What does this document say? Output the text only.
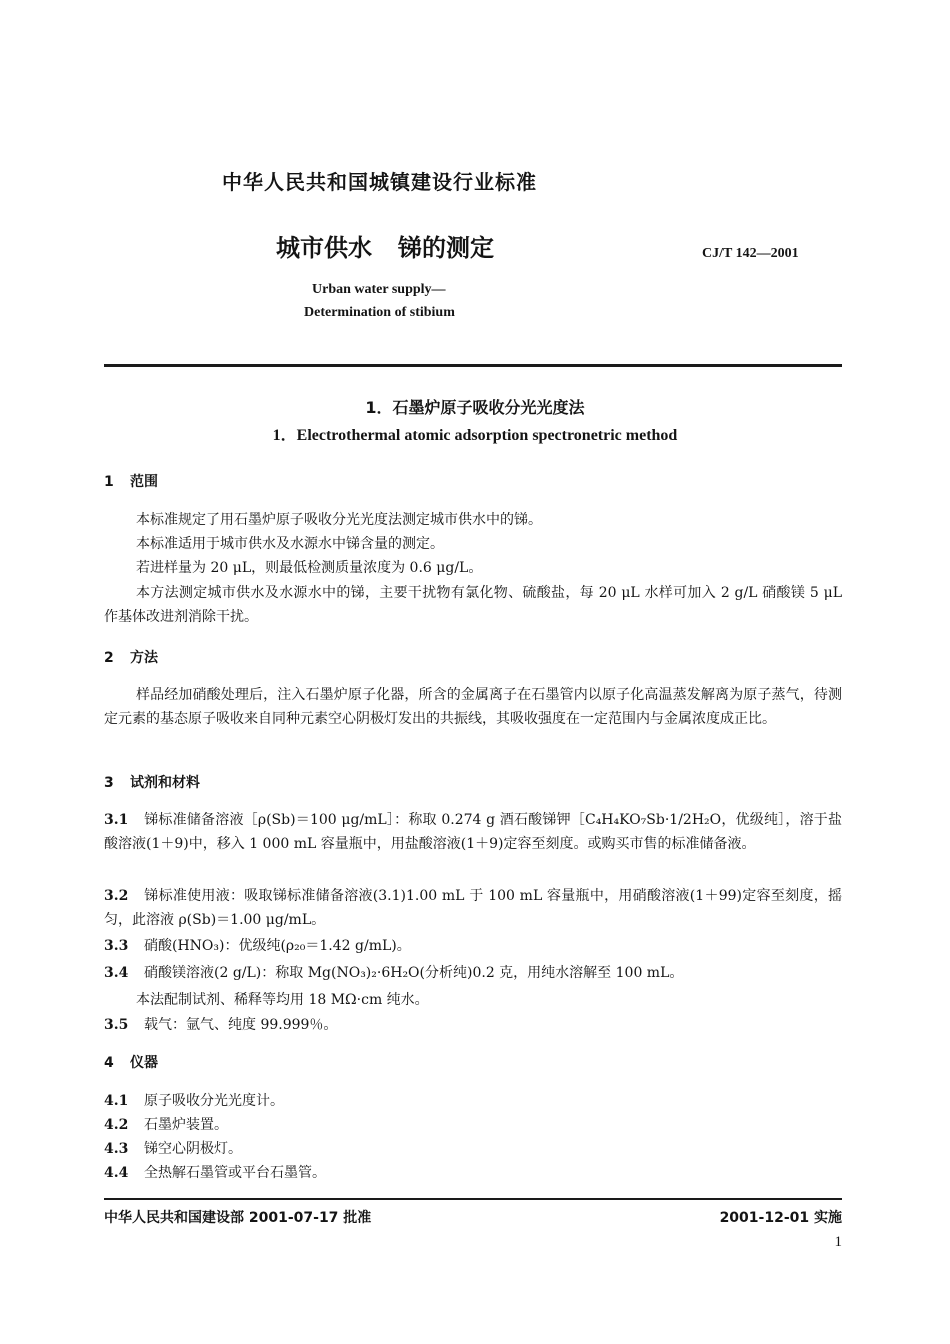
中华人民共和国城镇建设行业标准
城市供水 锑的测定	CJ/T 142—2001
Urban water supply—
Determination of stibium
1．石墨炉原子吸收分光光度法
1．Electrothermal atomic adsorption spectronetric method
1 范围
本标准规定了用石墨炉原子吸收分光光度法测定城市供水中的锑。
本标准适用于城市供水及水源水中锑含量的测定。
若进样量为 20 μL，则最低检测质量浓度为 0.6 μg/L。
本方法测定城市供水及水源水中的锑，主要干扰物有氯化物、硫酸盐，每 20 μL 水样可加入 2 g/L 硝酸镁 5 μL 作基体改进剂消除干扰。
2 方法
样品经加硝酸处理后，注入石墨炉原子化器，所含的金属离子在石墨管内以原子化高温蒸发解离为原子蒸气，待测定元素的基态原子吸收来自同种元素空心阴极灯发出的共振线，其吸收强度在一定范围内与金属浓度成正比。
3 试剂和材料
3.1 锑标准储备溶液［ρ(Sb)＝100 μg/mL］：称取 0.274 g 酒石酸锑钾［C₄H₄KO₇Sb·1/2H₂O，优级纯］，溶于盐酸溶液(1＋9)中，移入 1 000 mL 容量瓶中，用盐酸溶液(1＋9)定容至刻度。或购买市售的标准储备液。
3.2 锑标准使用液：吸取锑标准储备溶液(3.1)1.00 mL 于 100 mL 容量瓶中，用硝酸溶液(1＋99)定容至刻度，摇匀，此溶液 ρ(Sb)＝1.00 μg/mL。
3.3 硝酸(HNO₃)：优级纯(ρ₂₀＝1.42 g/mL)。
3.4 硝酸镁溶液(2 g/L)：称取 Mg(NO₃)₂·6H₂O(分析纯)0.2 克，用纯水溶解至 100 mL。
本法配制试剂、稀释等均用 18 MΩ·cm 纯水。
3.5 载气：氩气、纯度 99.999％。
4 仪器
4.1 原子吸收分光光度计。
4.2 石墨炉装置。
4.3 锑空心阴极灯。
4.4 全热解石墨管或平台石墨管。
中华人民共和国建设部 2001-07-17 批准	2001-12-01 实施
1
